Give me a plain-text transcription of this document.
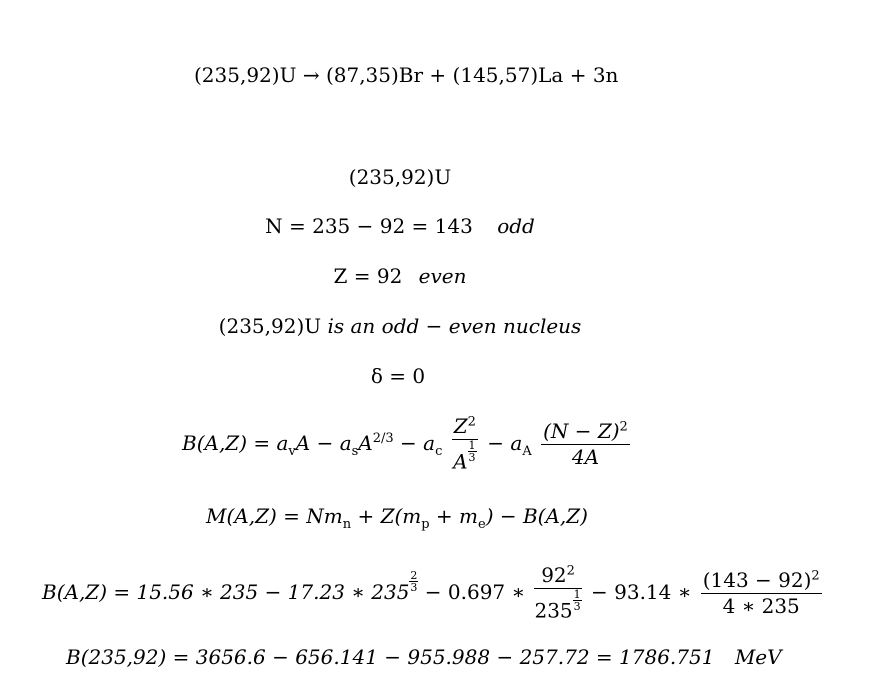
(235,92)U → (87,35)Br + (145,57)La + 3n
(235,92)U
N = 235 − 92 = 143 odd
Z = 92 even
(235,92)U is an odd − even nucleus
δ = 0
$B(A,Z) = a_vA - a_sA^{2/3} - a_c \frac{Z^2}{A \frac{1}{3}} - a_A \frac{(N - Z)^2}{4A}$
$M(A,Z) = Nm_n + Z(m_p + m_e) - B(A,Z)$
B(A,Z) = 15.56 ∗ 235 − 17.23 ∗ $235 \frac{2}{3} - 0.697$ ∗ $\frac{92^2}{235 \frac{1}{3}} - 93.14$ ∗ $\frac{(143 - 92)^2}{4 ∗ 235}$
B(235,92) = 3656.6 − 656.141 − 955.988 − 257.72 = 1786.751 MeV
